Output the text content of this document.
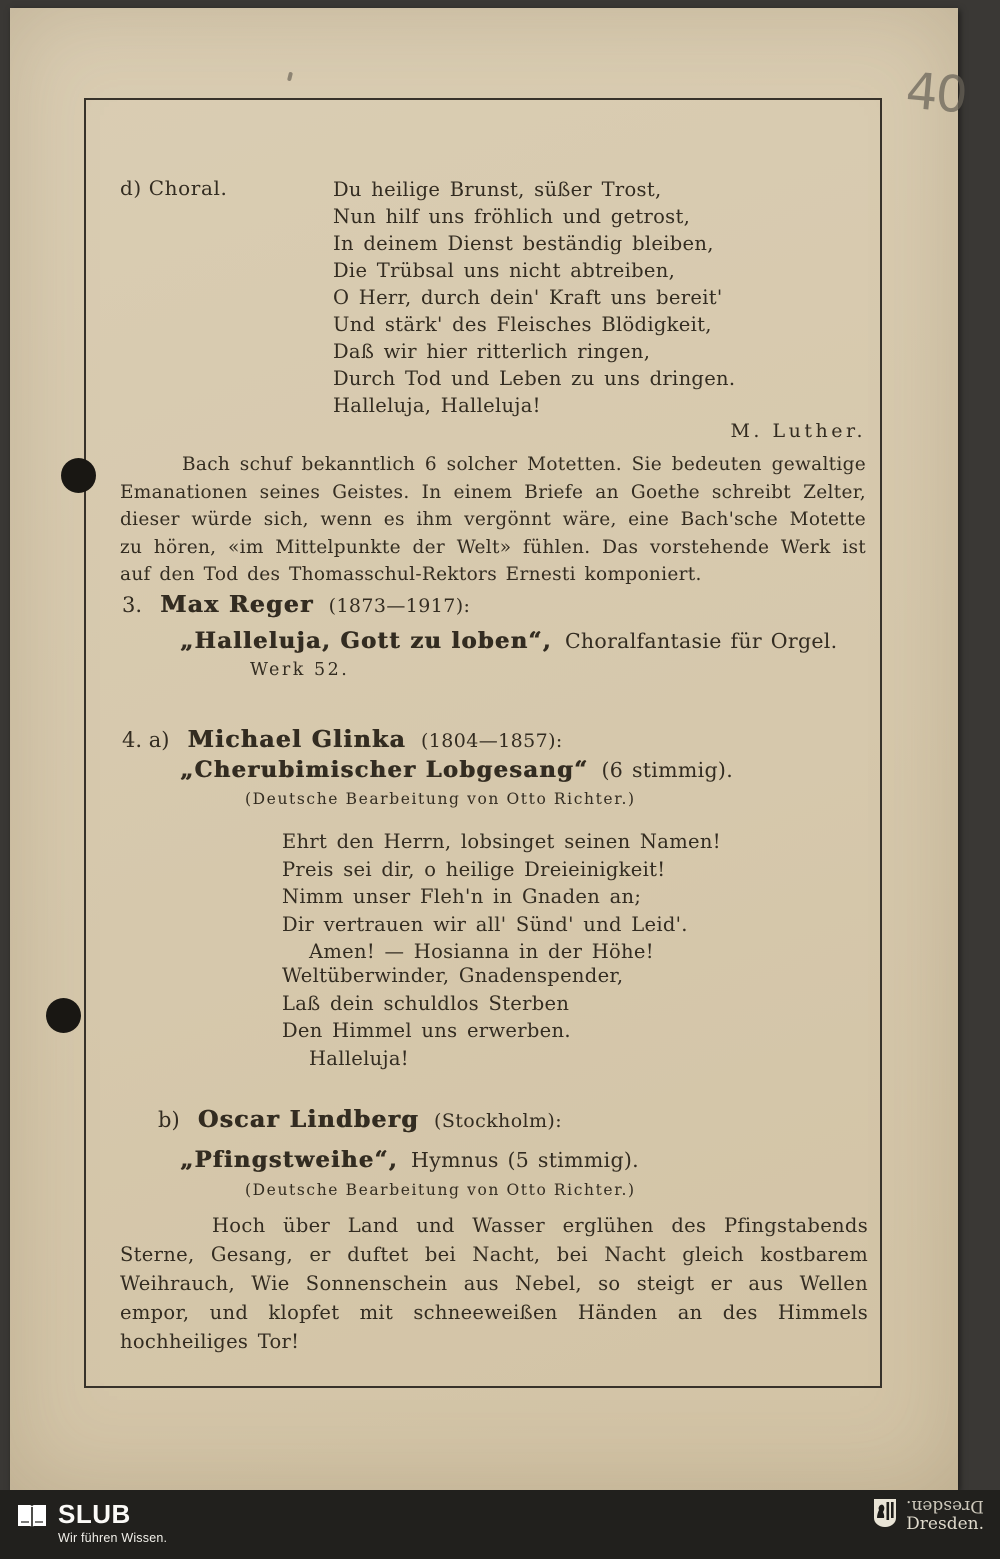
40
d) Choral.	Du heilige Brunst, süßer Trost,
Nun hilf uns fröhlich und getrost,
In deinem Dienst beständig bleiben,
Die Trübsal uns nicht abtreiben,
O Herr, durch dein' Kraft uns bereit'
Und stärk' des Fleisches Blödigkeit,
Daß wir hier ritterlich ringen,
Durch Tod und Leben zu uns dringen.
Halleluja, Halleluja!
M. Luther.

Bach schuf bekanntlich 6 solcher Motetten. Sie bedeuten gewaltige Emanationen seines Geistes. In einem Briefe an Goethe schreibt Zelter, dieser würde sich, wenn es ihm vergönnt wäre, eine Bach'sche Motette zu hören, «im Mittelpunkte der Welt» fühlen. Das vorstehende Werk ist auf den Tod des Thomasschul-Rektors Ernesti komponiert.

3. Max Reger (1873—1917):
„Halleluja, Gott zu loben“, Choralfantasie für Orgel.
Werk 52.
4. a) Michael Glinka (1804—1857):
„Cherubimischer Lobgesang“ (6 stimmig).
(Deutsche Bearbeitung von Otto Richter.)
Ehrt den Herrn, lobsinget seinen Namen!
Preis sei dir, o heilige Dreieinigkeit!
Nimm unser Fleh'n in Gnaden an;
Dir vertrauen wir all' Sünd' und Leid'.
Amen! — Hosianna in der Höhe!
Weltüberwinder, Gnadenspender,
Laß dein schuldlos Sterben
Den Himmel uns erwerben.
Halleluja!
b) Oscar Lindberg (Stockholm):
„Pfingstweihe“, Hymnus (5 stimmig).
(Deutsche Bearbeitung von Otto Richter.)

Hoch über Land und Wasser erglühen des Pfingstabends Sterne, Gesang, er duftet bei Nacht, bei Nacht gleich kostbarem Weihrauch, Wie Sonnenschein aus Nebel, so steigt er aus Wellen empor, und klopfet mit schneeweißen Händen an des Himmels hochheiliges Tor!

SLUB
Wir führen Wissen.
Dresden.
Dresden.
